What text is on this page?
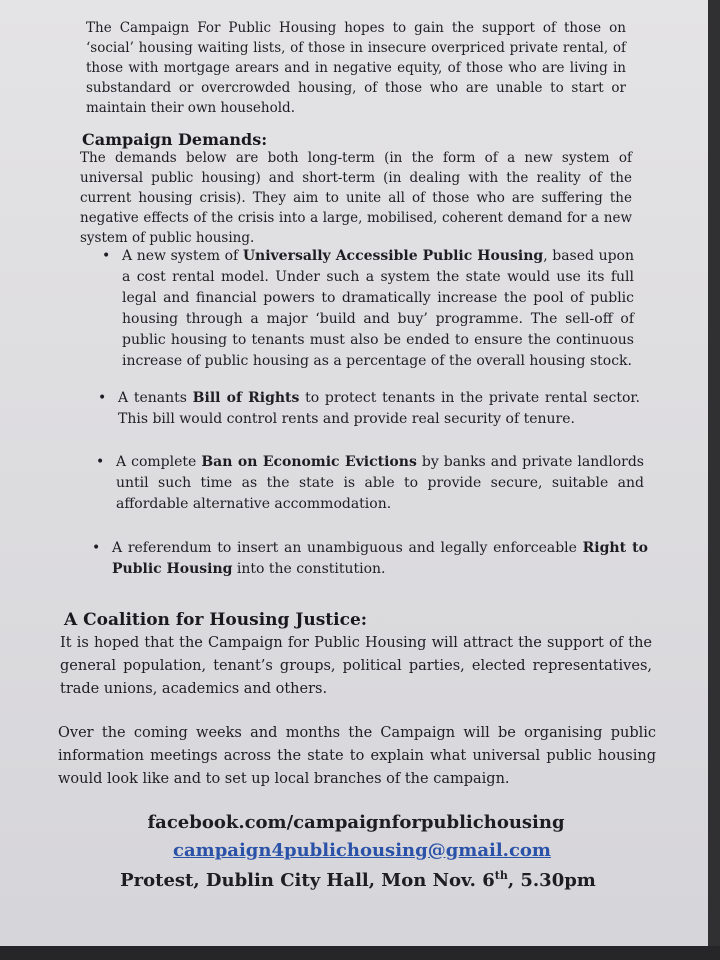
The Campaign For Public Housing hopes to gain the support of those on ‘social’ housing waiting lists, of those in insecure overpriced private rental, of those with mortgage arears and in negative equity, of those who are living in substandard or overcrowded housing, of those who are unable to start or maintain their own household.
Campaign Demands:
The demands below are both long-term (in the form of a new system of universal public housing) and short-term (in dealing with the reality of the current housing crisis). They aim to unite all of those who are suffering the negative effects of the crisis into a large, mobilised, coherent demand for a new system of public housing.
• A new system of Universally Accessible Public Housing, based upon a cost rental model. Under such a system the state would use its full legal and financial powers to dramatically increase the pool of public housing through a major ‘build and buy’ programme. The sell-off of public housing to tenants must also be ended to ensure the continuous increase of public housing as a percentage of the overall housing stock.
• A tenants Bill of Rights to protect tenants in the private rental sector. This bill would control rents and provide real security of tenure.
• A complete Ban on Economic Evictions by banks and private landlords until such time as the state is able to provide secure, suitable and affordable alternative accommodation.
• A referendum to insert an unambiguous and legally enforceable Right to Public Housing into the constitution.
A Coalition for Housing Justice:
It is hoped that the Campaign for Public Housing will attract the support of the general population, tenant’s groups, political parties, elected representatives, trade unions, academics and others.
Over the coming weeks and months the Campaign will be organising public information meetings across the state to explain what universal public housing would look like and to set up local branches of the campaign.
facebook.com/campaignforpublichousing
campaign4publichousing@gmail.com
Protest, Dublin City Hall, Mon Nov. 6th, 5.30pm
